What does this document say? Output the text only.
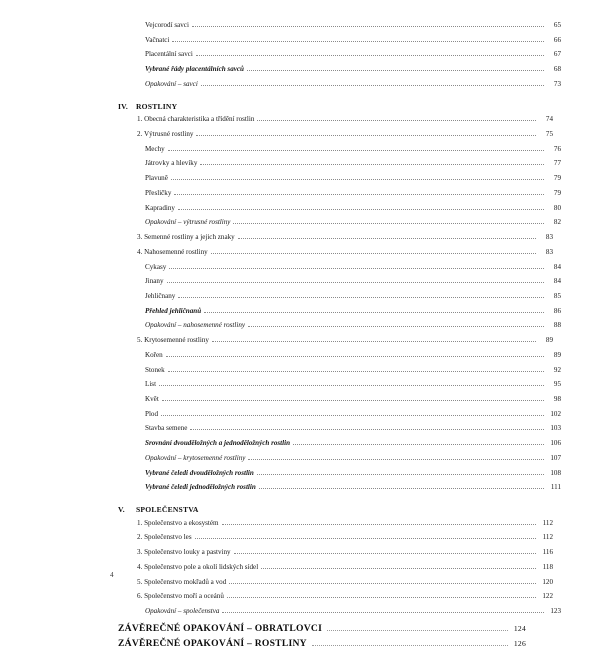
Vejcorodí savci	65
Vačnatci	66
Placentální savci	67
Vybrané řády placentálních savců	68
Opakování – savci	73
IV.	ROSTLINY
1. Obecná charakteristika a třídění rostlin	74
2. Výtrusné rostliny	75
Mechy	76
Játrovky a hlevíky	77
Plavuně	79
Přesličky	79
Kapradiny	80
Opakování – výtrusné rostliny	82
3. Semenné rostliny a jejich znaky	83
4. Nahosemenné rostliny	83
Cykasy	84
Jinany	84
Jehličnany	85
Přehled jehličnanů	86
Opakování – nahosemenné rostliny	88
5. Krytosemenné rostliny	89
Kořen	89
Stonek	92
List	95
Květ	98
Plod	102
Stavba semene	103
Srovnání dvouděložných a jednoděložných rostlin	106
Opakování – krytosemenné rostliny	107
Vybrané čeledi dvouděložných rostlin	108
Vybrané čeledi jednoděložných rostlin	111
V.	SPOLEČENSTVA
1. Společenstvo a ekosystém	112
2. Společenstvo les	112
3. Společenstvo louky a pastviny	116
4. Společenstvo pole a okolí lidských sídel	118
5. Společenstvo mokřadů a vod	120
6. Společenstvo moří a oceánů	122
Opakování – společenstva	123
ZÁVĚREČNÉ OPAKOVÁNÍ – OBRATLOVCI	124
ZÁVĚREČNÉ OPAKOVÁNÍ – ROSTLINY	126
4
